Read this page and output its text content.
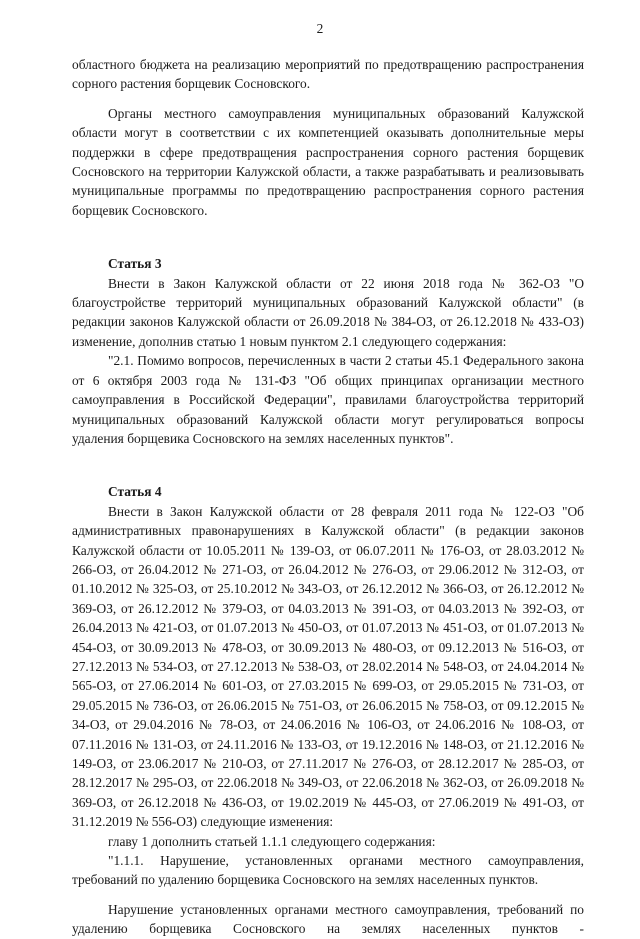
2

областного бюджета на реализацию мероприятий по предотвращению распространения сорного растения борщевик Сосновского.

Органы местного самоуправления муниципальных образований Калужской области могут в соответствии с их компетенцией оказывать дополнительные меры поддержки в сфере предотвращения распространения сорного растения борщевик Сосновского на территории Калужской области, а также разрабатывать и реализовывать муниципальные программы по предотвращению распространения сорного растения борщевик Сосновского.

Статья 3

Внести в Закон Калужской области от 22 июня 2018 года № 362-ОЗ "О благоустройстве территорий муниципальных образований Калужской области" (в редакции законов Калужской области от 26.09.2018 № 384-ОЗ, от 26.12.2018 № 433-ОЗ) изменение, дополнив статью 1 новым пунктом 2.1 следующего содержания:

"2.1. Помимо вопросов, перечисленных в части 2 статьи 45.1 Федерального закона от 6 октября 2003 года № 131-ФЗ "Об общих принципах организации местного самоуправления в Российской Федерации", правилами благоустройства территорий муниципальных образований Калужской области могут регулироваться вопросы удаления борщевика Сосновского на землях населенных пунктов".

Статья 4

Внести в Закон Калужской области от 28 февраля 2011 года № 122-ОЗ "Об административных правонарушениях в Калужской области" (в редакции законов Калужской области от 10.05.2011 № 139-ОЗ, от 06.07.2011 № 176-ОЗ, от 28.03.2012 № 266-ОЗ, от 26.04.2012 № 271-ОЗ, от 26.04.2012 № 276-ОЗ, от 29.06.2012 № 312-ОЗ, от 01.10.2012 № 325-ОЗ, от 25.10.2012 № 343-ОЗ, от 26.12.2012 № 366-ОЗ, от 26.12.2012 № 369-ОЗ, от 26.12.2012 № 379-ОЗ, от 04.03.2013 № 391-ОЗ, от 04.03.2013 № 392-ОЗ, от 26.04.2013 № 421-ОЗ, от 01.07.2013 № 450-ОЗ, от 01.07.2013 № 451-ОЗ, от 01.07.2013 № 454-ОЗ, от 30.09.2013 № 478-ОЗ, от 30.09.2013 № 480-ОЗ, от 09.12.2013 № 516-ОЗ, от 27.12.2013 № 534-ОЗ, от 27.12.2013 № 538-ОЗ, от 28.02.2014 № 548-ОЗ, от 24.04.2014 № 565-ОЗ, от 27.06.2014 № 601-ОЗ, от 27.03.2015 № 699-ОЗ, от 29.05.2015 № 731-ОЗ, от 29.05.2015 № 736-ОЗ, от 26.06.2015 № 751-ОЗ, от 26.06.2015 № 758-ОЗ, от 09.12.2015 № 34-ОЗ, от 29.04.2016 № 78-ОЗ, от 24.06.2016 № 106-ОЗ, от 24.06.2016 № 108-ОЗ, от 07.11.2016 № 131-ОЗ, от 24.11.2016 № 133-ОЗ, от 19.12.2016 № 148-ОЗ, от 21.12.2016 № 149-ОЗ, от 23.06.2017 № 210-ОЗ, от 27.11.2017 № 276-ОЗ, от 28.12.2017 № 285-ОЗ, от 28.12.2017 № 295-ОЗ, от 22.06.2018 № 349-ОЗ, от 22.06.2018 № 362-ОЗ, от 26.09.2018 № 369-ОЗ, от 26.12.2018 № 436-ОЗ, от 19.02.2019 № 445-ОЗ, от 27.06.2019 № 491-ОЗ, от 31.12.2019 № 556-ОЗ) следующие изменения:

главу 1 дополнить статьей 1.1.1 следующего содержания:

"1.1.1. Нарушение, установленных органами местного самоуправления, требований по удалению борщевика Сосновского на землях населенных пунктов.

Нарушение установленных органами местного самоуправления, требований по удалению борщевика Сосновского на землях населенных пунктов -
